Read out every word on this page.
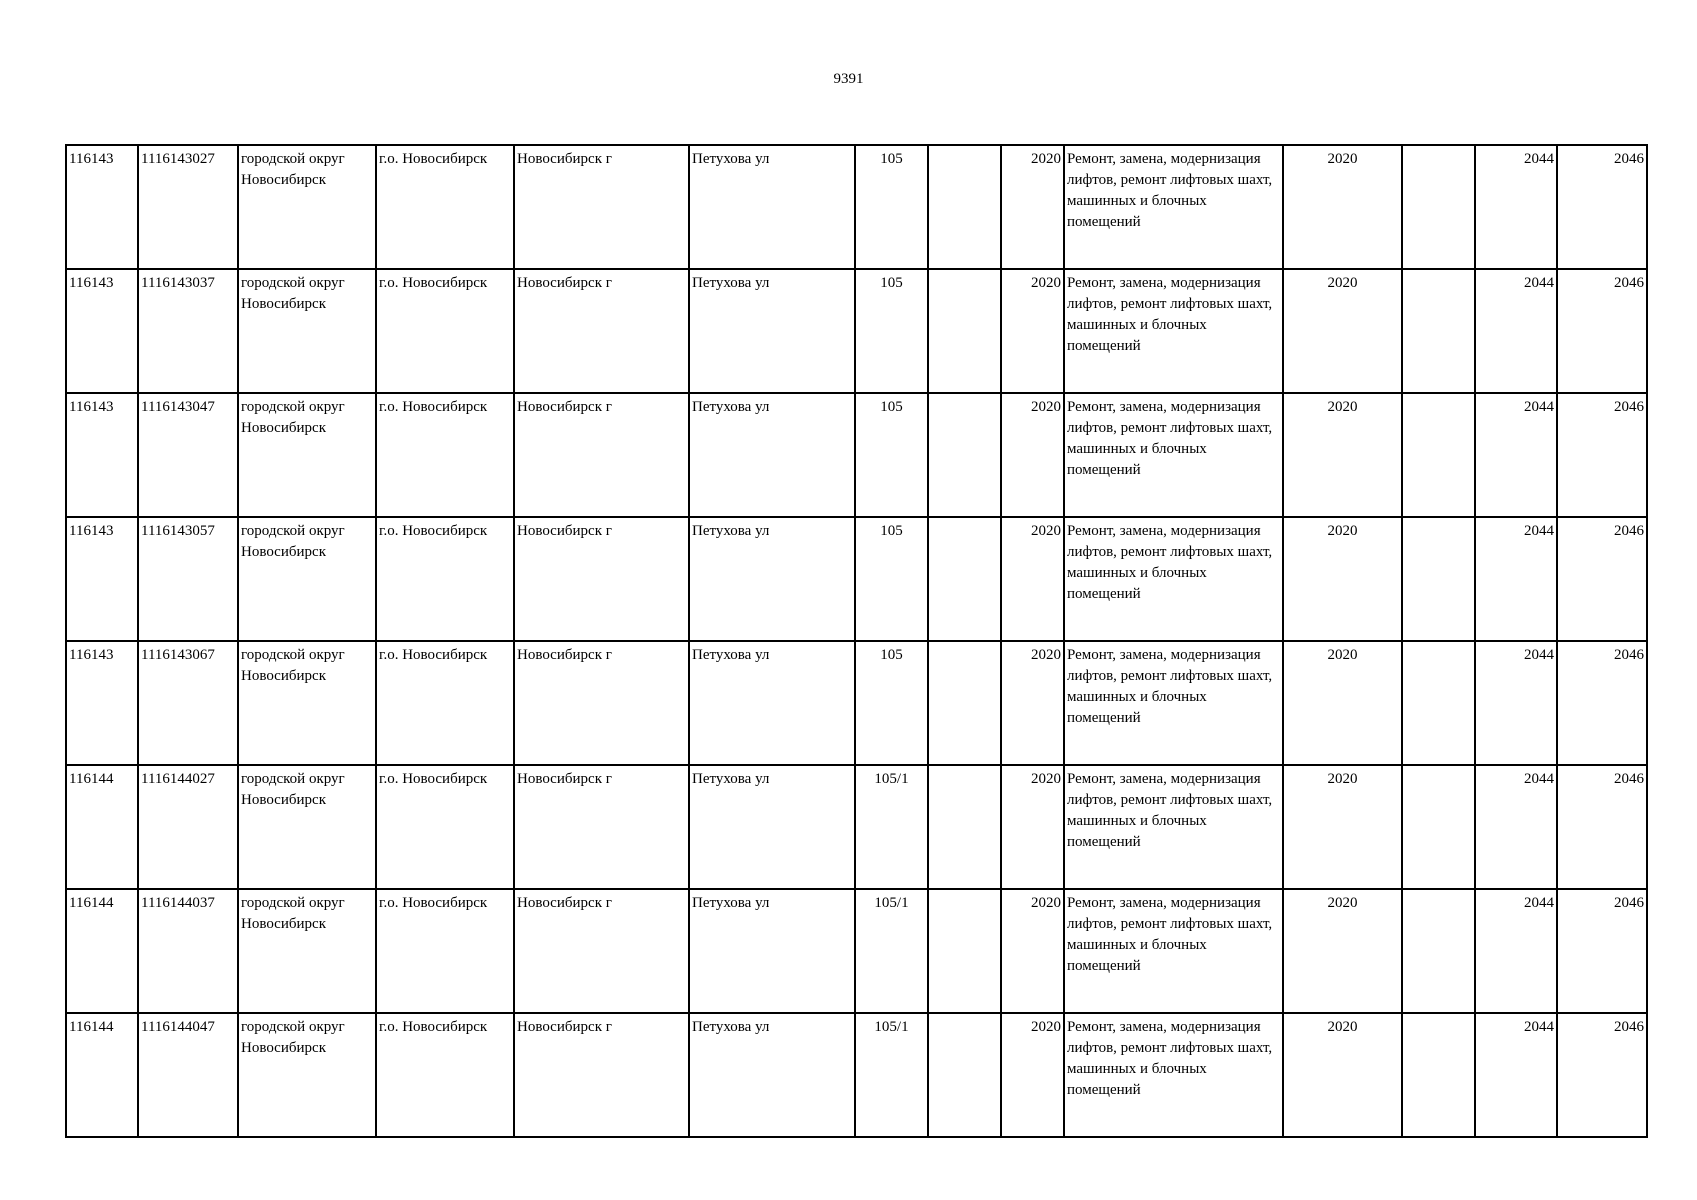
9391
116143	1116143027	городской округ Новосибирск	г.о. Новосибирск	Новосибирск г	Петухова ул	105		2020	Ремонт, замена, модернизация лифтов, ремонт лифтовых шахт, машинных и блочных помещений	2020		2044	2046
116143	1116143037	городской округ Новосибирск	г.о. Новосибирск	Новосибирск г	Петухова ул	105		2020	Ремонт, замена, модернизация лифтов, ремонт лифтовых шахт, машинных и блочных помещений	2020		2044	2046
116143	1116143047	городской округ Новосибирск	г.о. Новосибирск	Новосибирск г	Петухова ул	105		2020	Ремонт, замена, модернизация лифтов, ремонт лифтовых шахт, машинных и блочных помещений	2020		2044	2046
116143	1116143057	городской округ Новосибирск	г.о. Новосибирск	Новосибирск г	Петухова ул	105		2020	Ремонт, замена, модернизация лифтов, ремонт лифтовых шахт, машинных и блочных помещений	2020		2044	2046
116143	1116143067	городской округ Новосибирск	г.о. Новосибирск	Новосибирск г	Петухова ул	105		2020	Ремонт, замена, модернизация лифтов, ремонт лифтовых шахт, машинных и блочных помещений	2020		2044	2046
116144	1116144027	городской округ Новосибирск	г.о. Новосибирск	Новосибирск г	Петухова ул	105/1		2020	Ремонт, замена, модернизация лифтов, ремонт лифтовых шахт, машинных и блочных помещений	2020		2044	2046
116144	1116144037	городской округ Новосибирск	г.о. Новосибирск	Новосибирск г	Петухова ул	105/1		2020	Ремонт, замена, модернизация лифтов, ремонт лифтовых шахт, машинных и блочных помещений	2020		2044	2046
116144	1116144047	городской округ Новосибирск	г.о. Новосибирск	Новосибирск г	Петухова ул	105/1		2020	Ремонт, замена, модернизация лифтов, ремонт лифтовых шахт, машинных и блочных помещений	2020		2044	2046
